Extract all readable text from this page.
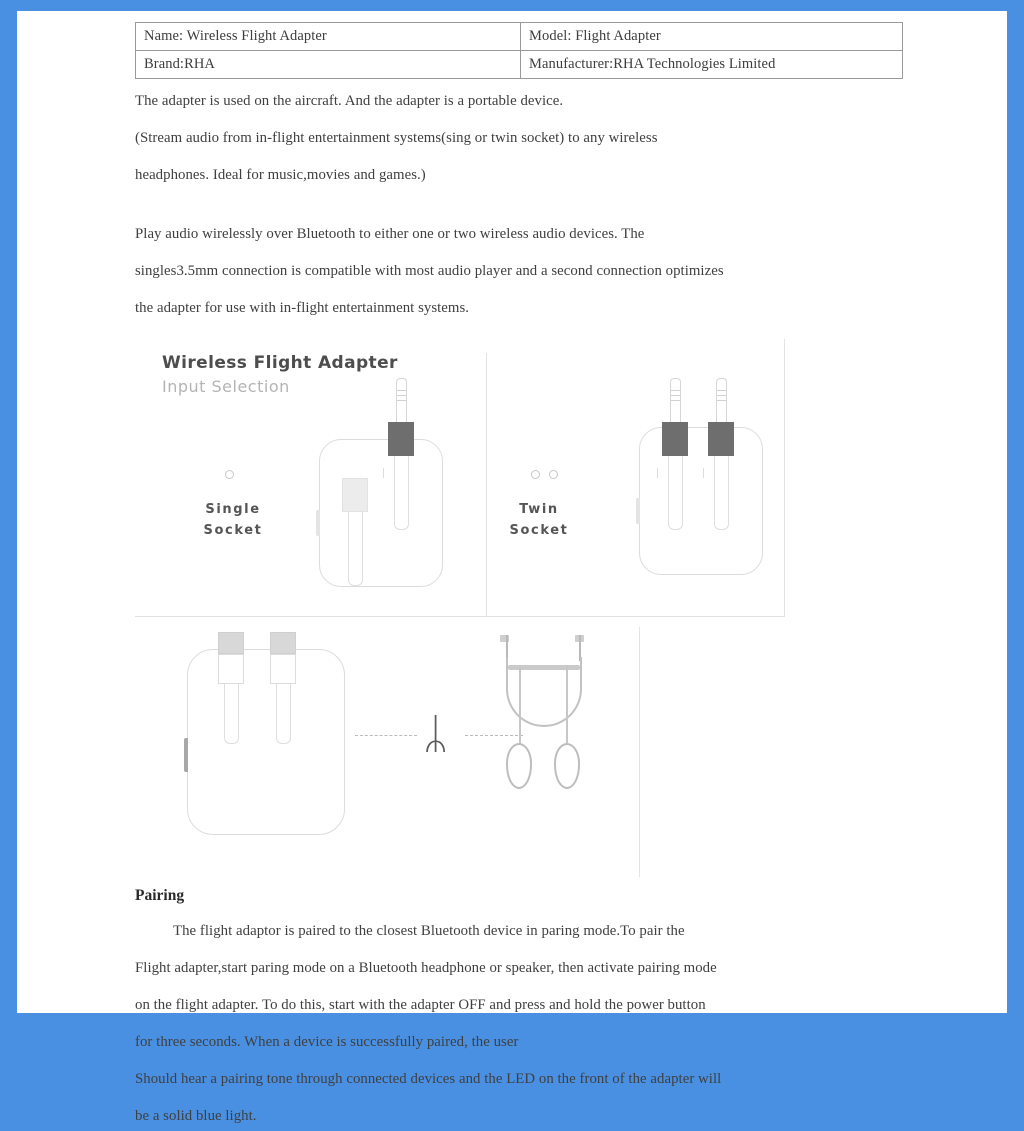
Name: Wireless Flight Adapter	Model: Flight Adapter
Brand:RHA	Manufacturer:RHA Technologies Limited

The adapter is used on the aircraft. And the adapter is a portable device.

(Stream audio from in-flight entertainment systems(sing or twin socket) to any wireless

headphones. Ideal for music,movies and games.)

Play audio wirelessly over Bluetooth to either one or two wireless audio devices. The

singles3.5mm connection is compatible with most audio player and a second connection optimizes

the adapter for use with in-flight entertainment systems.

Wireless Flight Adapter
Input Selection
Single
Socket
Twin
Socket
ᛦ

Pairing

The flight adaptor is paired to the closest Bluetooth device in paring mode.To pair the

Flight adapter,start paring mode on a Bluetooth headphone or speaker, then activate pairing mode

on the flight adapter. To do this, start with the adapter OFF and press and hold the power button

for three seconds. When a device is successfully paired, the user

Should hear a pairing tone through connected devices and the LED on the front of the adapter will

be a solid blue light.
